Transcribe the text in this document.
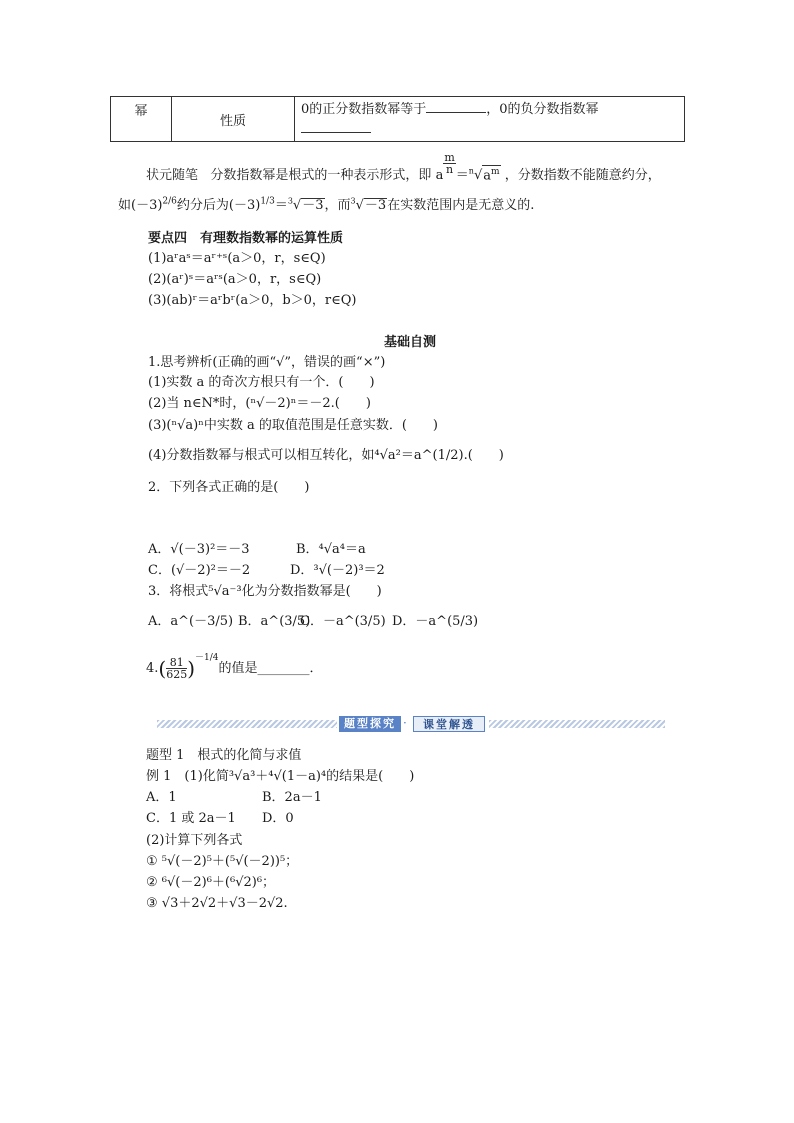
幂	性质	0的正分数指数幂等于	，0的负分数指数幂

状元随笔 分数指数幂是根式的一种表示形式，即 a
$^{\frac{m}{n}}$
$=^n√a^m$ ，分数指数不能随意约分，
如$(-3)^{2/6}$约分后为$(-3)^{1/3}=^3√-3$，而$^3$√－3在实数范围内是无意义的.
要点四　有理数指数幂的运算性质
(1)aʳaˢ＝aʳ⁺ˢ(a＞0，r，s∈Q)
(2)(aʳ)ˢ＝aʳˢ(a＞0，r，s∈Q)
(3)(ab)ʳ＝aʳbʳ(a＞0，b＞0，r∈Q)
基础自测
1.思考辨析(正确的画“√”，错误的画“×”)
(1)实数 a 的奇次方根只有一个．(　　)
(2)当 n∈N*时，(ⁿ√－2)ⁿ＝－2.(　　)
(3)(ⁿ√a)ⁿ中实数 a 的取值范围是任意实数．(　　)
(4)分数指数幂与根式可以相互转化，如⁴√a²＝a^(1/2).(　　)
2．下列各式正确的是(　　)
A．√(－3)²＝－3	B．⁴√a⁴＝a
C．(√－2)²＝－2	D．³√(－2)³＝2
3．将根式⁵√a⁻³化为分数指数幂是(　　)
A．a^(－3/5) B．a^(3/5)
C．－a^(3/5) D．－a^(5/3)
$4.( \frac{81}{625} )^{-1/4}$的值是________．
题型探究 ·	课堂解透
题型 1　根式的化简与求值
例 1　(1)化简³√a³＋⁴√(1－a)⁴的结果是(　　)
A．1	B．2a－1
C．1 或 2a－1 D．0
(2)计算下列各式
① ⁵√(－2)⁵＋(⁵√(－2))⁵；
② ⁶√(－2)⁶＋(⁶√2)⁶；
③ √3＋2√2＋√3－2√2.
